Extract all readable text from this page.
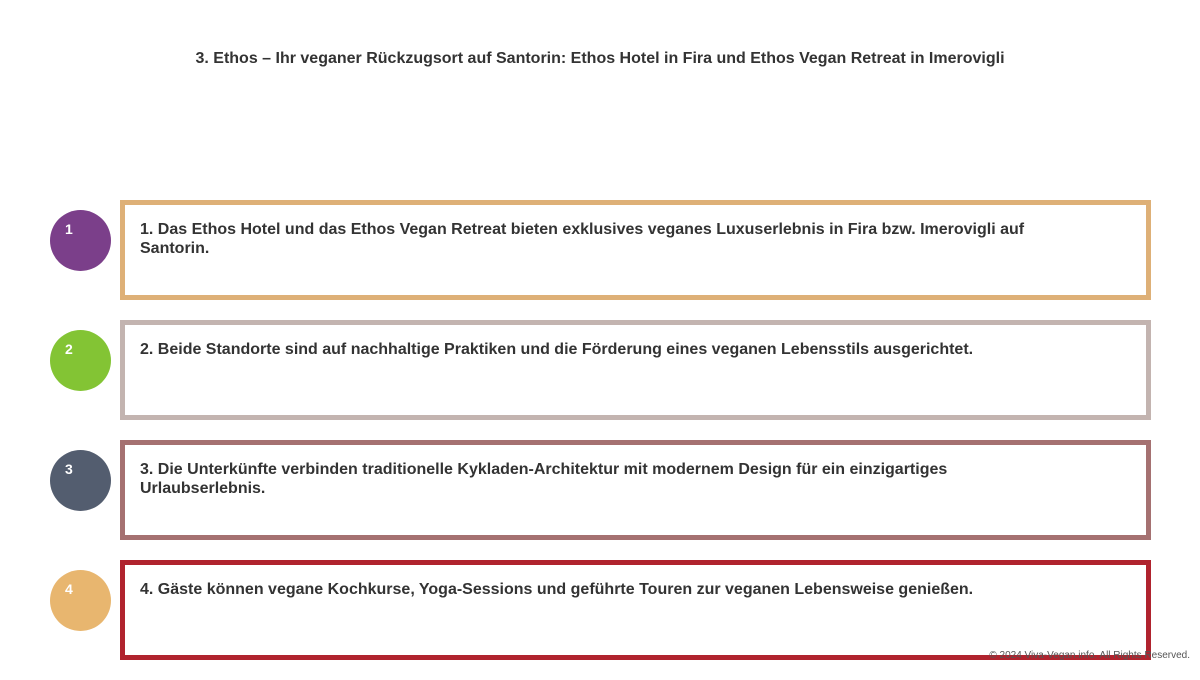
3. Ethos – Ihr veganer Rückzugsort auf Santorin: Ethos Hotel in Fira und Ethos Vegan Retreat in Imerovigli
1	1. Das Ethos Hotel und das Ethos Vegan Retreat bieten exklusives veganes Luxuserlebnis in Fira bzw. Imerovigli auf Santorin.
2	2. Beide Standorte sind auf nachhaltige Praktiken und die Förderung eines veganen Lebensstils ausgerichtet.
3	3. Die Unterkünfte verbinden traditionelle Kykladen-Architektur mit modernem Design für ein einzigartiges Urlaubserlebnis.
4	4. Gäste können vegane Kochkurse, Yoga-Sessions und geführte Touren zur veganen Lebensweise genießen.
© 2024 Viva-Vegan.info. All Rights Reserved.
